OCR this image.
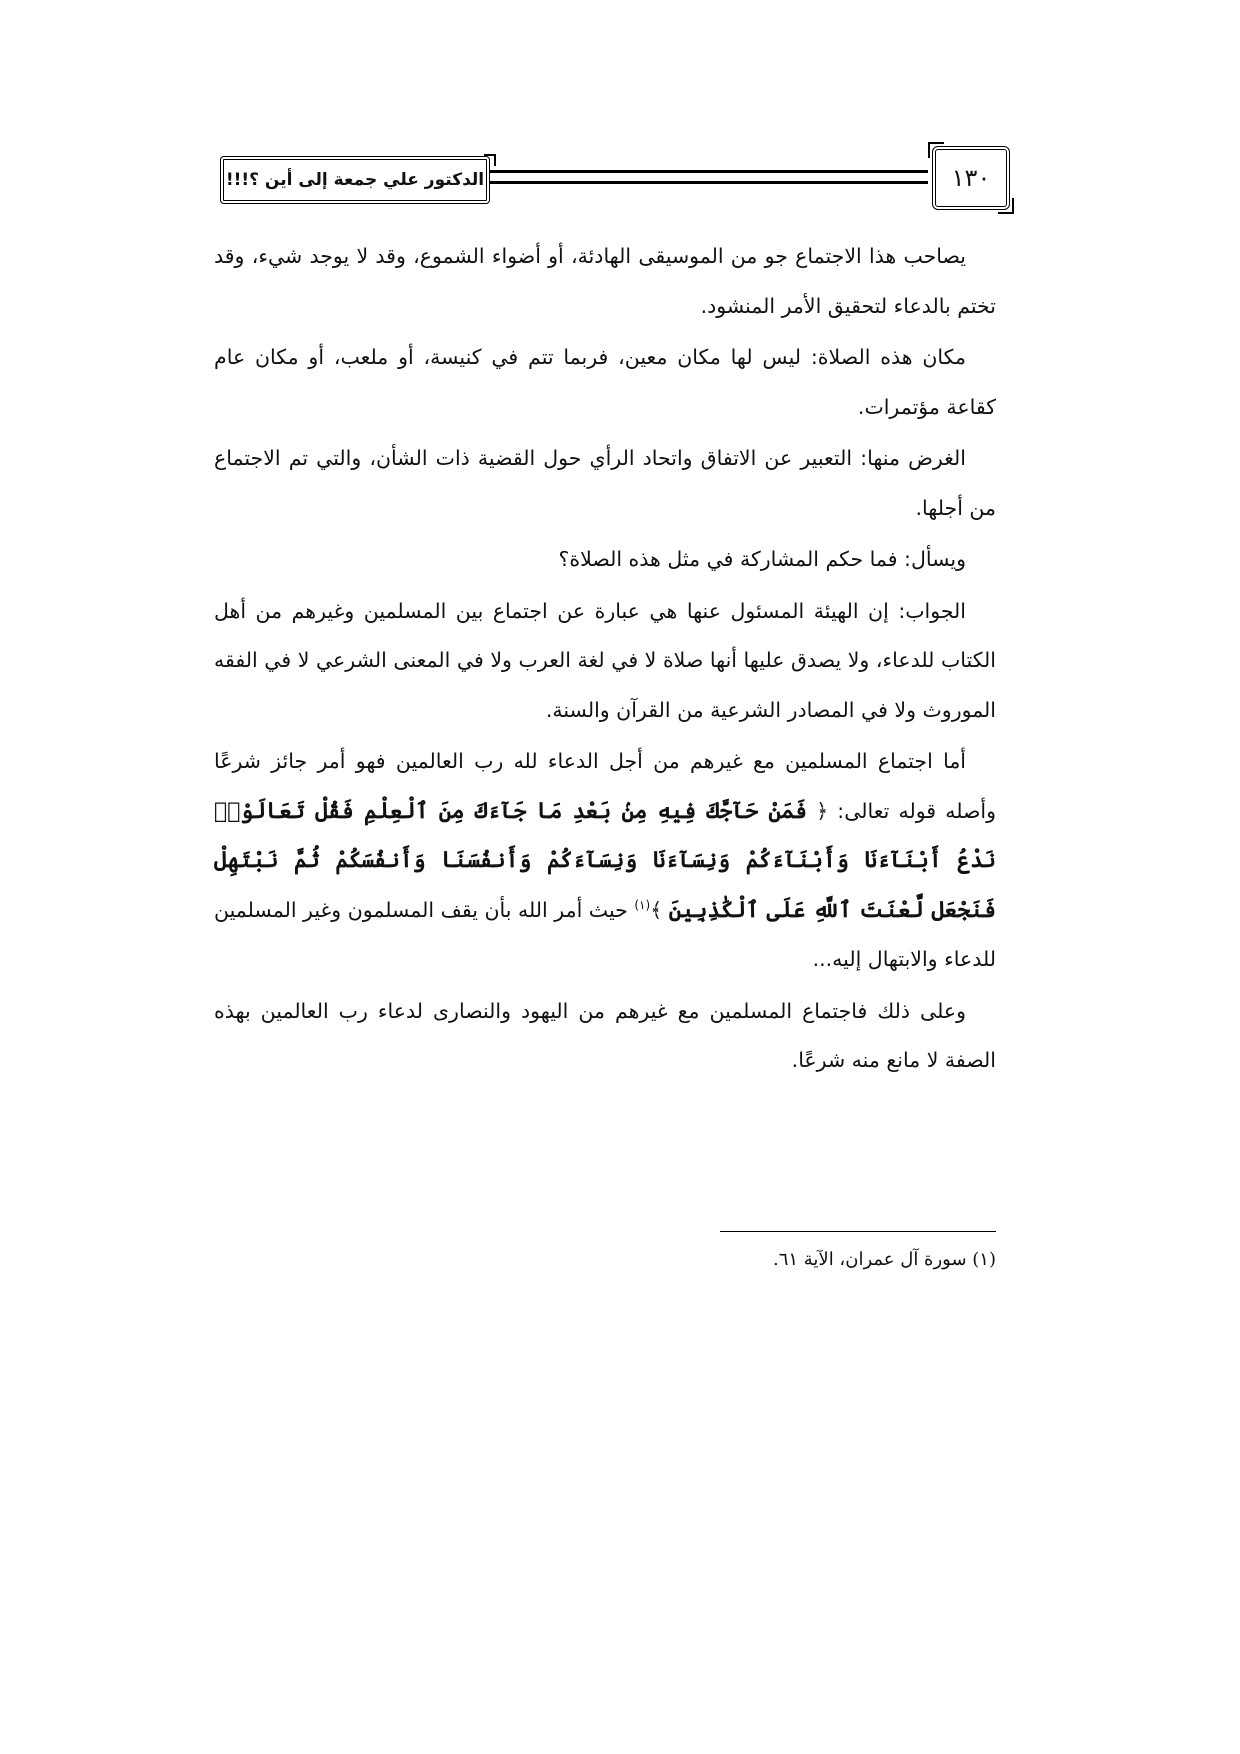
الدكتور علي جمعة إلى أين ؟!!!	١٣٠

يصاحب هذا الاجتماع جو من الموسيقى الهادئة، أو أضواء الشموع، وقد لا يوجد شيء، وقد تختم بالدعاء لتحقيق الأمر المنشود.

مكان هذه الصلاة: ليس لها مكان معين، فربما تتم في كنيسة، أو ملعب، أو مكان عام كقاعة مؤتمرات.

الغرض منها: التعبير عن الاتفاق واتحاد الرأي حول القضية ذات الشأن، والتي تم الاجتماع من أجلها.

ويسأل: فما حكم المشاركة في مثل هذه الصلاة؟

الجواب: إن الهيئة المسئول عنها هي عبارة عن اجتماع بين المسلمين وغيرهم من أهل الكتاب للدعاء، ولا يصدق عليها أنها صلاة لا في لغة العرب ولا في المعنى الشرعي لا في الفقه الموروث ولا في المصادر الشرعية من القرآن والسنة.

أما اجتماع المسلمين مع غيرهم من أجل الدعاء لله رب العالمين فهو أمر جائز شرعًا وأصله قوله تعالى: ﴿ فَمَنْ حَآجَّكَ فِيهِ مِنۢ بَعْدِ مَا جَآءَكَ مِنَ ٱلْعِلْمِ فَقُلْ تَعَالَوْا۟ نَدْعُ أَبْنَآءَنَا وَأَبْنَآءَكُمْ وَنِسَآءَنَا وَنِسَآءَكُمْ وَأَنفُسَنَا وَأَنفُسَكُمْ ثُمَّ نَبْتَهِلْ فَنَجْعَل لَّعْنَتَ ٱللَّهِ عَلَى ٱلْكَٰذِبِينَ ﴾$^{(١)}$ حيث أمر الله بأن يقف المسلمون وغير المسلمين للدعاء والابتهال إليه...

وعلى ذلك فاجتماع المسلمين مع غيرهم من اليهود والنصارى لدعاء رب العالمين بهذه الصفة لا مانع منه شرعًا.

(١) سورة آل عمران، الآية ٦١.
